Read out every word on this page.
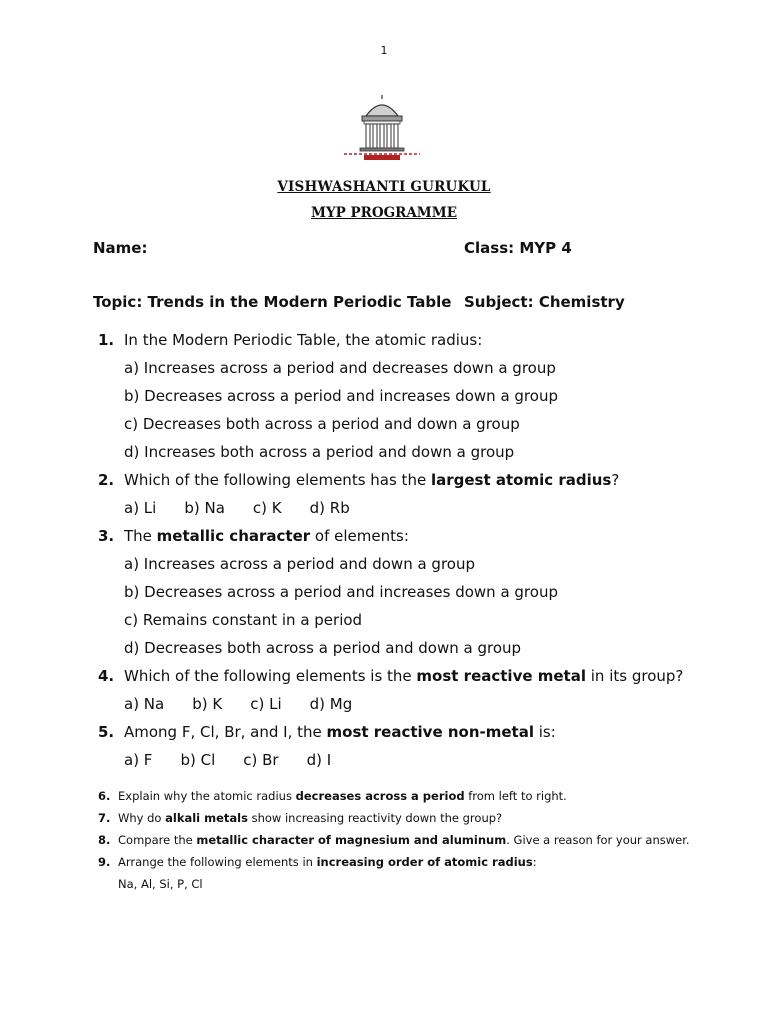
1
VISHWASHANTI GURUKUL
MYP PROGRAMME
Name:	Class: MYP 4
Topic: Trends in the Modern Periodic Table Subject: Chemistry
1. In the Modern Periodic Table, the atomic radius:
a) Increases across a period and decreases down a group
b) Decreases across a period and increases down a group
c) Decreases both across a period and down a group
d) Increases both across a period and down a group
2. Which of the following elements has the largest atomic radius?
a) Li b) Na c) K d) Rb
3. The metallic character of elements:
a) Increases across a period and down a group
b) Decreases across a period and increases down a group
c) Remains constant in a period
d) Decreases both across a period and down a group
4. Which of the following elements is the most reactive metal in its group?
a) Na b) K c) Li d) Mg
5. Among F, Cl, Br, and I, the most reactive non-metal is:
a) F b) Cl c) Br d) I
6. Explain why the atomic radius decreases across a period from left to right.
7. Why do alkali metals show increasing reactivity down the group?
8. Compare the metallic character of magnesium and aluminum. Give a reason for your answer.
9. Arrange the following elements in increasing order of atomic radius:
Na, Al, Si, P, Cl
